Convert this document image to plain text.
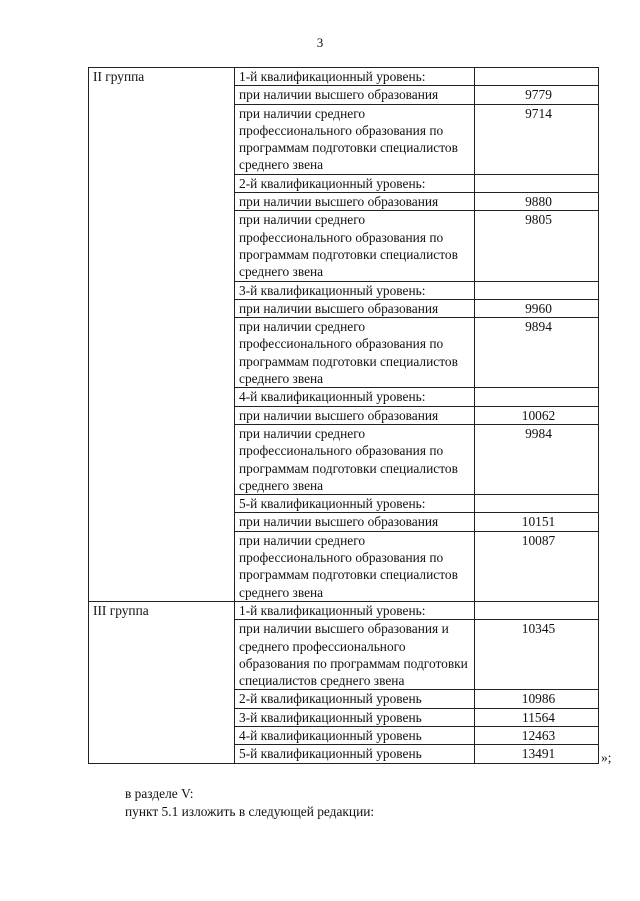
3
II группа	1-й квалификационный уровень:	
	при наличии высшего образования	9779
	при наличии среднего профессионального образования по программам подготовки специалистов среднего звена	9714
	2-й квалификационный уровень:	
	при наличии высшего образования	9880
	при наличии среднего профессионального образования по программам подготовки специалистов среднего звена	9805
	3-й квалификационный уровень:	
	при наличии высшего образования	9960
	при наличии среднего профессионального образования по программам подготовки специалистов среднего звена	9894
	4-й квалификационный уровень:	
	при наличии высшего образования	10062
	при наличии среднего профессионального образования по программам подготовки специалистов среднего звена	9984
	5-й квалификационный уровень:	
	при наличии высшего образования	10151
	при наличии среднего профессионального образования по программам подготовки специалистов среднего звена	10087
III группа	1-й квалификационный уровень:	
	при наличии высшего образования и среднего профессионального образования по программам подготовки специалистов среднего звена	10345
	2-й квалификационный уровень	10986
	3-й квалификационный уровень	11564
	4-й квалификационный уровень	12463
	5-й квалификационный уровень	13491	»;
в разделе V:
пункт 5.1 изложить в следующей редакции:
